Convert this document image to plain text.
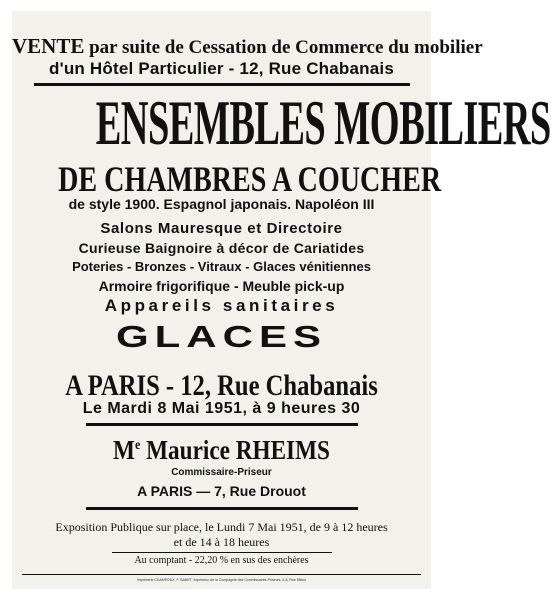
VENTE par suite de Cessation de Commerce du mobilier
d'un Hôtel Particulier - 12, Rue Chabanais
ENSEMBLES MOBILIERS
DE CHAMBRES A COUCHER
de style 1900. Espagnol japonais. Napoléon III
Salons Mauresque et Directoire
Curieuse Baignoire à décor de Cariatides
Poteries - Bronzes - Vitraux - Glaces vénitiennes
Armoire frigorifique - Meuble pick-up
Appareils sanitaires
GLACES
A PARIS - 12, Rue Chabanais
Le Mardi 8 Mai 1951, à 9 heures 30
Me Maurice RHEIMS
Commissaire-Priseur
A PARIS — 7, Rue Drouot
Exposition Publique sur place, le Lundi 7 Mai 1951, de 9 à 12 heures
et de 14 à 18 heures
Au comptant - 22,20 % en sus des enchères
Imprimerie CHAMPOUX, F. BANET, Imprimeur de la Compagnie des Commissaires-Priseurs, 6-8, Rue Milton
